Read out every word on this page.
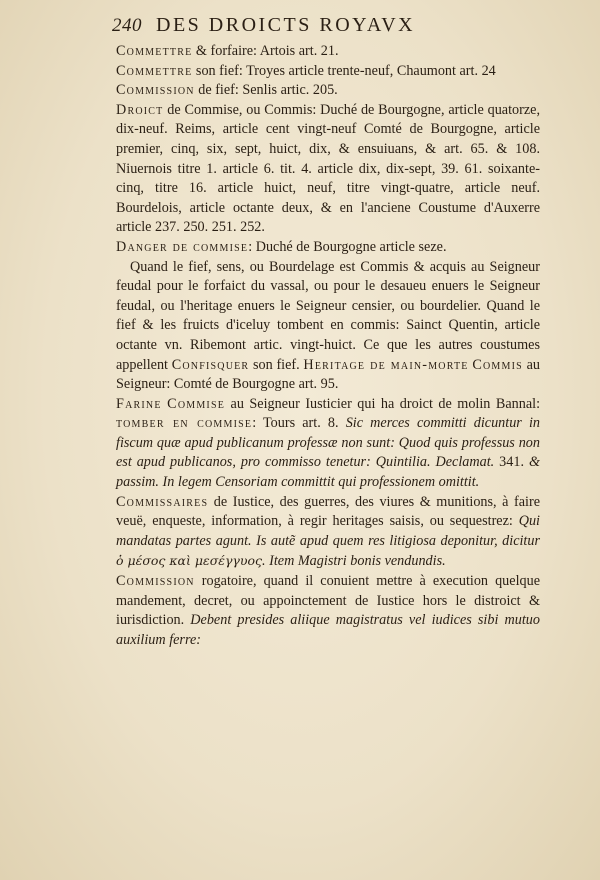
240 DES DROICTS ROYAVX

Commettre & forfaire: Artois art. 21.

Commettre son fief: Troyes article trente-neuf, Chaumont art. 24

Commission de fief: Senlis artic. 205.

Droict de Commise, ou Commis: Duché de Bourgogne, article quatorze, dix-neuf. Reims, article cent vingt-neuf Comté de Bourgogne, article premier, cinq, six, sept, huict, dix, & ensuiuans, & art. 65. & 108. Niuernois titre 1. article 6. tit. 4. article dix, dix-sept, 39. 61. soixante-cinq, titre 16. article huict, neuf, titre vingt-quatre, article neuf. Bourdelois, article octante deux, & en l'anciene Coustume d'Auxerre article 237. 250. 251. 252.

Danger de commise: Duché de Bourgogne article seze.

Quand le fief, sens, ou Bourdelage est Commis & acquis au Seigneur feudal pour le forfaict du vassal, ou pour le desaueu enuers le Seigneur feudal, ou l'heritage enuers le Seigneur censier, ou bourdelier. Quand le fief & les fruicts d'iceluy tombent en commis: Sainct Quentin, article octante vn. Ribemont artic. vingt-huict. Ce que les autres coustumes appellent Confisquer son fief. Heritage de main-morte Commis au Seigneur: Comté de Bourgogne art. 95.

Farine Commise au Seigneur Iusticier qui ha droict de molin Bannal: tomber en commise: Tours art. 8. Sic merces committi dicuntur in fiscum quæ apud publicanum professæ non sunt: Quod quis professus non est apud publicanos, pro commisso tenetur: Quintilia. Declamat. 341. & passim. In legem Censoriam committit qui professionem omittit.

Commissaires de Iustice, des guerres, des viures & munitions, à faire veuë, enqueste, information, à regir heritages saisis, ou sequestrez: Qui mandatas partes agunt. Is autẽ apud quem res litigiosa deponitur, dicitur ὁ μέσος καὶ μεσέγγυος. Item Magistri bonis vendundis.

Commission rogatoire, quand il conuient mettre à execution quelque mandement, decret, ou appoinctement de Iustice hors le distroict & iurisdiction. Debent presides aliique magistratus vel iudices sibi mutuo auxilium ferre:
